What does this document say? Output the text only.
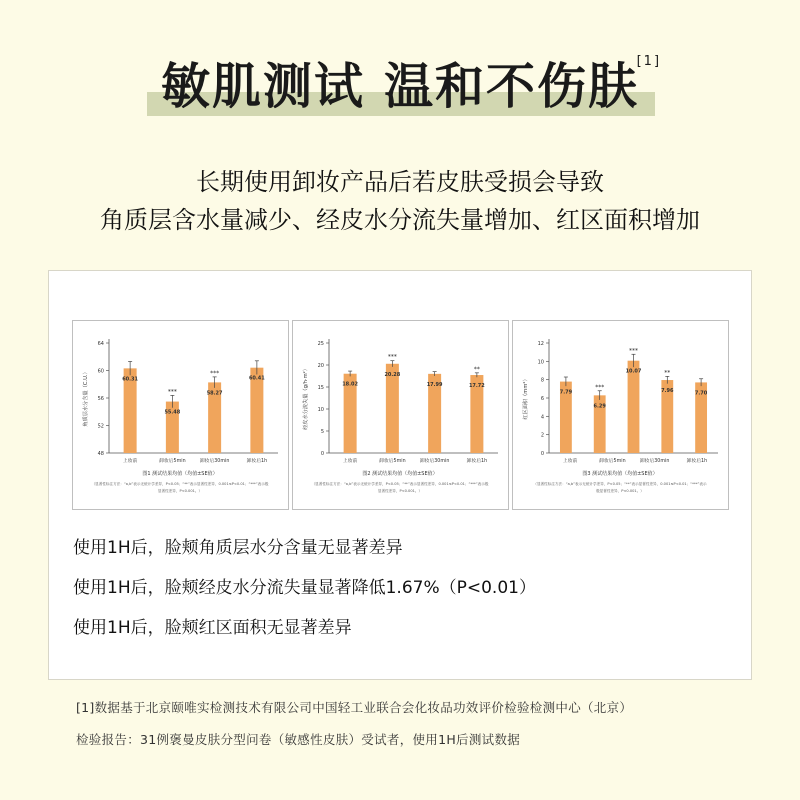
敏肌测试 温和不伤肤
[1]
长期使用卸妆产品后若皮肤受损会导致
角质层含水量减少、经皮水分流失量增加、红区面积增加
48
52
56
60
64
角质层水分含量（C.U.）	60.31
55.48
***	58.27
***
60.41
上妆前	卸妆后5min	卸妆后30min	卸妆后1h
图1 测试结果均值（均值±SE值）
（显著性标注方法：“a,b”表示无统计学差异，P<0.05；“**”表示显著性差异，0.001≤P<0.01；“***”表示极
显著性差异，P<0.001。）
0
5
10
15
20
25
经皮水分流失量（g/h·m²）	18.02
20.28
***
17.99	17.72
**
上妆前	卸妆后5min	卸妆后30min	卸妆后1h
图2 测试结果均值（均值±SE值）
（显著性标注方法：“a,b”表示无统计学差异，P<0.05；“**”表示显著性差异，0.001≤P<0.01；“***”表示极
显著性差异，P<0.001。）
0
2
4
6
8
10
12
红区面积（mm²）	7.79
6.29
***
10.07
***
7.96
**
7.70
上妆前	卸妆后5min	卸妆后30min	卸妆后1h
图3 测试结果均值（均值±SE值）
（显著性标注方法：“a,b”表示无统计学差异，P<0.05；“**”表示显著性差异，0.001≤P<0.01；“***”表示
极显著性差异，P<0.001。）
使用1H后，脸颊角质层水分含量无显著差异
使用1H后，脸颊经皮水分流失量显著降低1.67%（P<0.01）
使用1H后，脸颊红区面积无显著差异
[1]数据基于北京颐唯实检测技术有限公司中国轻工业联合会化妆品功效评价检验检测中心（北京）
检验报告：31例褒曼皮肤分型问卷（敏感性皮肤）受试者，使用1H后测试数据
